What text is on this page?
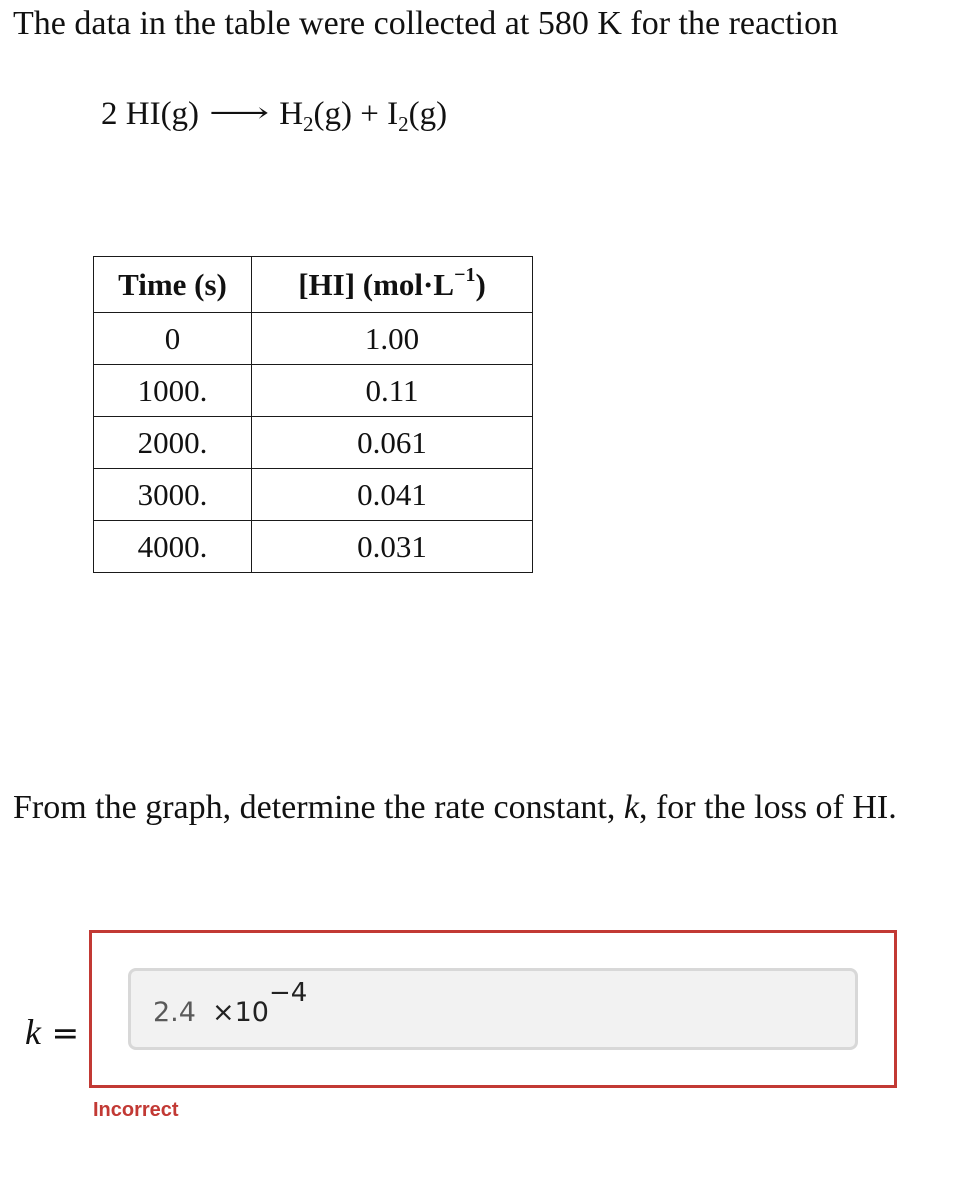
The data in the table were collected at 580 K for the reaction
2 HI(g) ⟶ $H_2(g) + I_2(g)$
Time (s)	[HI] $(mol\cdot L^{-1})$
0	1.00
1000.	0.11
2000.	0.061
3000.	0.041
4000.	0.031
From the graph, determine the rate constant, k, for the loss of HI.
k =
$2.4 \times 10^{-4}$
Incorrect
